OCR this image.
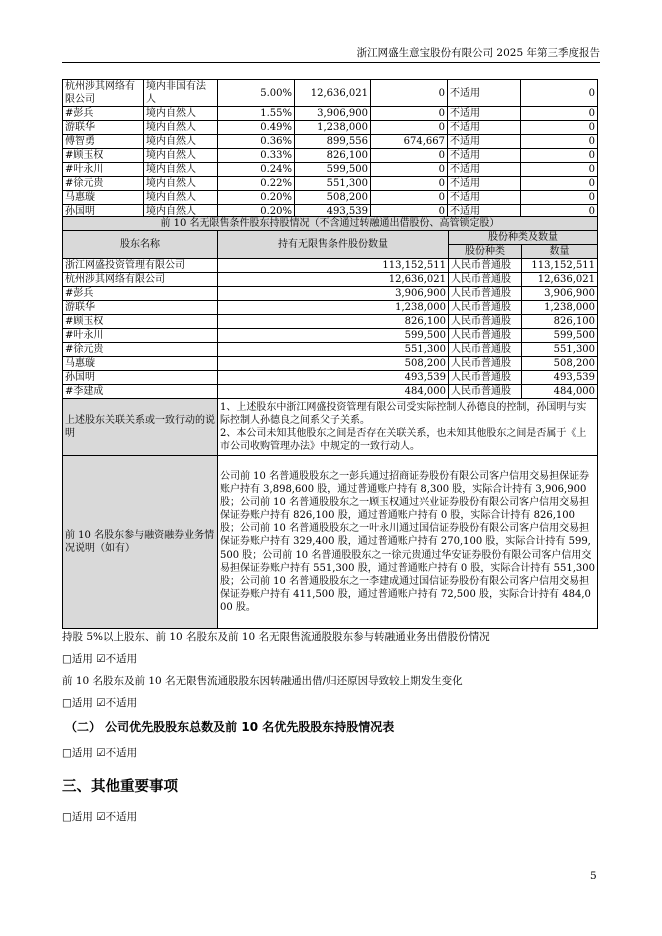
浙江网盛生意宝股份有限公司 2025 年第三季度报告
杭州涉其网络有限公司	境内非国有法人	5.00%	12,636,021	0	不适用	0
#彭兵	境内自然人	1.55%	3,906,900	0	不适用	0
游联华	境内自然人	0.49%	1,238,000	0	不适用	0
傅智勇	境内自然人	0.36%	899,556	674,667	不适用	0
#顾玉权	境内自然人	0.33%	826,100	0	不适用	0
#叶永川	境内自然人	0.24%	599,500	0	不适用	0
#徐元贵	境内自然人	0.22%	551,300	0	不适用	0
马惠璇	境内自然人	0.20%	508,200	0	不适用	0
孙国明	境内自然人	0.20%	493,539	0	不适用	0
前 10 名无限售条件股东持股情况（不含通过转融通出借股份、高管锁定股）			
股东名称	持有无限售条件股份数量	股份种类及数量	
		股份种类	数量
浙江网盛投资管理有限公司	113,152,511	人民币普通股	113,152,511
杭州涉其网络有限公司	12,636,021	人民币普通股	12,636,021
#彭兵	3,906,900	人民币普通股	3,906,900
游联华	1,238,000	人民币普通股	1,238,000
#顾玉权	826,100	人民币普通股	826,100
#叶永川	599,500	人民币普通股	599,500
#徐元贵	551,300	人民币普通股	551,300
马惠璇	508,200	人民币普通股	508,200
孙国明	493,539	人民币普通股	493,539
#李建成	484,000	人民币普通股	484,000
上述股东关联关系或一致行动的说明	1、上述股东中浙江网盛投资管理有限公司受实际控制人孙德良的控制，孙国明与实际控制人孙德良之间系父子关系。
2、本公司未知其他股东之间是否存在关联关系，也未知其他股东之间是否属于《上市公司收购管理办法》中规定的一致行动人。		
前 10 名股东参与融资融券业务情况说明（如有）	公司前 10 名普通股股东之一彭兵通过招商证券股份有限公司客户信用交易担保证券账户持有 3,898,600 股，通过普通账户持有 8,300 股，实际合计持有 3,906,900 股；公司前 10 名普通股股东之一顾玉权通过兴业证券股份有限公司客户信用交易担保证券账户持有 826,100 股，通过普通账户持有 0 股，实际合计持有 826,100 股；公司前 10 名普通股股东之一叶永川通过国信证券股份有限公司客户信用交易担保证券账户持有 329,400 股，通过普通账户持有 270,100 股，实际合计持有 599,500 股；公司前 10 名普通股股东之一徐元贵通过华安证券股份有限公司客户信用交易担保证券账户持有 551,300 股，通过普通账户持有 0 股，实际合计持有 551,300 股；公司前 10 名普通股股东之一李建成通过国信证券股份有限公司客户信用交易担保证券账户持有 411,500 股，通过普通账户持有 72,500 股，实际合计持有 484,000 股。		
持股 5%以上股东、前 10 名股东及前 10 名无限售流通股股东参与转融通业务出借股份情况
□适用 ☑不适用
前 10 名股东及前 10 名无限售流通股股东因转融通出借/归还原因导致较上期发生变化
□适用 ☑不适用
（二） 公司优先股股东总数及前 10 名优先股股东持股情况表
□适用 ☑不适用
三、其他重要事项
□适用 ☑不适用
5
